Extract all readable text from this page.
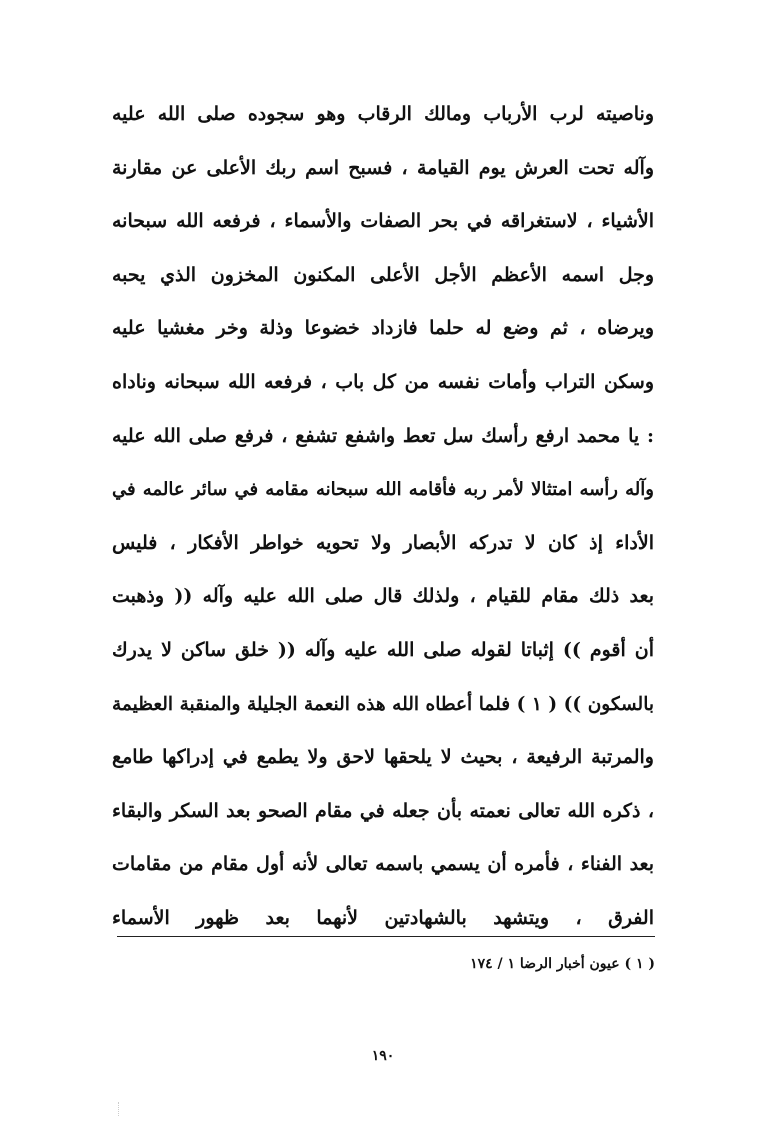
وناصيته لرب الأرباب ومالك الرقاب وهو سجوده صلى الله عليه
وآله تحت العرش يوم القيامة ، فسبح اسم ربك الأعلى عن مقارنة
الأشياء ، لاستغراقه في بحر الصفات والأسماء ، فرفعه الله سبحانه
وجل اسمه الأعظم الأجل الأعلى المكنون المخزون الذي يحبه
ويرضاه ، ثم وضع له حلما فازداد خضوعا وذلة وخر مغشيا عليه
وسكن التراب وأمات نفسه من كل باب ، فرفعه الله سبحانه وناداه
: يا محمد ارفع رأسك سل تعط واشفع تشفع ، فرفع صلى الله عليه
وآله رأسه امتثالا لأمر ربه فأقامه الله سبحانه مقامه في سائر عالمه في
الأداء إذ كان لا تدركه الأبصار ولا تحويه خواطر الأفكار ، فليس
بعد ذلك مقام للقيام ، ولذلك قال صلى الله عليه وآله (( وذهبت
أن أقوم )) إثباتا لقوله صلى الله عليه وآله (( خلق ساكن لا يدرك
بالسكون )) ( ١ ) فلما أعطاه الله هذه النعمة الجليلة والمنقبة العظيمة
والمرتبة الرفيعة ، بحيث لا يلحقها لاحق ولا يطمع في إدراكها طامع
، ذكره الله تعالى نعمته بأن جعله في مقام الصحو بعد السكر والبقاء
بعد الفناء ، فأمره أن يسمي باسمه تعالى لأنه أول مقام من مقامات
الفرق ، ويتشهد بالشهادتين لأنهما بعد ظهور الأسماء
( ١ ) عيون أخبار الرضا ١ / ١٧٤
١٩٠
